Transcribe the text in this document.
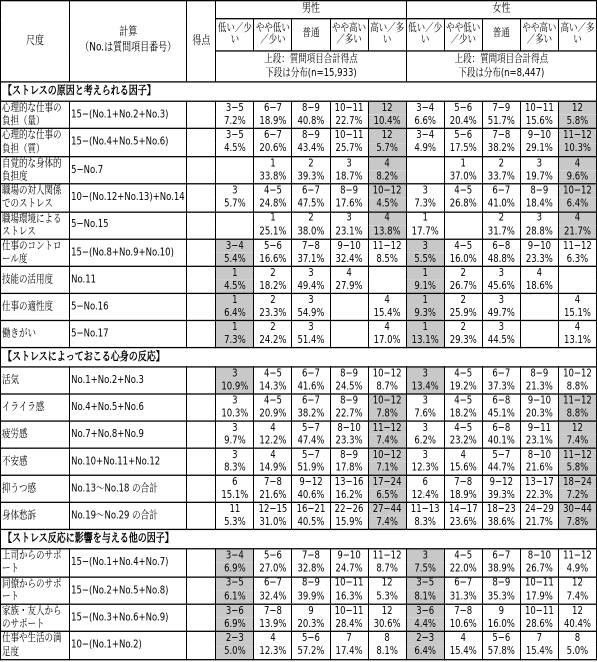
尺度	計算
（No.は質問項目番号）	得点	男性					女性				
			低い／少い	やや低い／少い	普通	やや高い／多い	高い／多い	低い／少い	やや低い／少い	普通	やや高い／多い	高い／多い
			上段：質問項目合計得点
下段は分布(n=15,933)					上段：質問項目合計得点
下段は分布(n=8,447)				
【ストレスの原因と考えられる因子】												
心理的な仕事の負担（量）	15−(No.1+No.2+No.3)		3−5	6−7	8−9	10−11	12	3−4	5−6	7−9	10−11	12
			7.2%	18.9%	40.8%	22.7%	10.4%	6.6%	20.4%	51.7%	15.6%	5.8%
心理的な仕事の負担（質）	15−(No.4+No.5+No.6)		3−5	6−7	8−9	10−11	12	3−4	5−6	7−8	9−10	11−12
			4.5%	20.6%	43.4%	25.7%	5.7%	4.9%	17.5%	38.2%	29.1%	10.3%
自覚的な身体的負担度	5−No.7			1	2	3	4		1	2	3	4
				33.8%	39.3%	18.7%	8.2%		37.0%	33.7%	19.7%	9.6%
職場の対人関係でのストレス	10−(No.12+No.13)+No.14		3	4−5	6−7	8−9	10−12	3	4−5	6−7	8−9	10−12
			5.7%	24.8%	47.5%	17.6%	4.5%	7.3%	26.8%	41.0%	18.4%	6.4%
職場環境によるストレス	5−No.15			1	2	3	4	1		2	3	4
				25.1%	38.0%	23.1%	13.8%	17.7%		31.7%	28.8%	21.7%
仕事のコントロール度	15−(No.8+No.9+No.10)		3−4	5−6	7−8	9−10	11−12	3	4−5	6−8	9−10	11−12
			5.4%	16.6%	37.1%	32.4%	8.5%	5.5%	16.0%	48.8%	23.3%	6.3%
技能の活用度	No.11		1	2	3	4		1	2	3	4	
			4.5%	18.2%	49.4%	27.9%		9.1%	26.7%	45.6%	18.6%	
仕事の適性度	5−No.16		1	2	3		4	1	2	3		4
			6.4%	23.3%	54.9%		15.4%	9.3%	25.9%	49.7%		15.1%
働きがい	5−No.17		1	2	3		4	1	2	3		4
			7.3%	24.2%	51.4%		17.0%	13.1%	29.3%	44.5%		13.1%
【ストレスによっておこる心身の反応】												
活気	No.1+No.2+No.3		3	4−5	6−7	8−9	10−12	3	4−5	6−7	8−9	10−12
			10.9%	14.3%	41.6%	24.5%	8.7%	13.4%	19.2%	37.3%	21.3%	8.8%
イライラ感	No.4+No.5+No.6		3	4−5	6−7	8−9	10−12	3	4−5	6−8	9−10	11−12
			10.3%	20.9%	38.2%	22.7%	7.8%	7.6%	18.2%	45.1%	20.3%	8.8%
疲労感	No.7+No.8+No.9		3	4	5−7	8−10	11−12	3	4−5	6−8	9−11	12
			9.7%	12.2%	47.4%	23.3%	7.4%	6.2%	23.2%	40.1%	23.1%	7.4%
不安感	No.10+No.11+No.12		3	4	5−7	8−9	10−12	3	4	5−7	8−10	11−12
			8.3%	14.9%	51.9%	17.8%	7.1%	12.3%	15.6%	44.7%	21.6%	5.8%
抑うつ感	No.13〜No.18 の合計		6	7−8	9−12	13−16	17−24	6	7−8	9−12	13−17	18−24
			15.1%	21.6%	40.6%	16.2%	6.5%	12.4%	18.9%	39.3%	22.3%	7.2%
身体愁訴	No.19〜No.29 の合計		11	12−15	16−21	22−26	27−44	11−13	14−17	18−23	24−29	30−44
			5.3%	31.0%	40.5%	15.9%	7.4%	8.3%	23.6%	38.6%	21.7%	7.8%
【ストレス反応に影響を与える他の因子】												
上司からのサポート	15−(No.1+No.4+No.7)		3−4	5−6	7−8	9−10	11−12	3	4−5	6−7	8−10	11−12
			6.9%	27.0%	32.8%	24.7%	8.7%	7.5%	22.0%	38.9%	26.7%	4.9%
同僚からのサポート	15−(No.2+No.5+No.8)		3−5	6−7	8−9	10−11	12	3−5	6−7	8−9	10−11	12
			6.1%	32.4%	39.9%	16.3%	5.3%	8.1%	31.3%	35.3%	17.9%	7.4%
家族・友人からのサポート	15−(No.3+No.6+No.9)		3−6	7−8	9	10−11	12	3−6	7−8	9	10−11	12
			6.9%	13.9%	20.3%	28.4%	30.6%	4.4%	10.6%	16.0%	28.6%	40.4%
仕事や生活の満足度	10−(No.1+No.2)		2−3	4	5−6	7	8	2−3	4	5−6	7	8
			5.0%	12.3%	57.2%	17.4%	8.1%	6.4%	15.4%	57.8%	15.4%	5.0%
